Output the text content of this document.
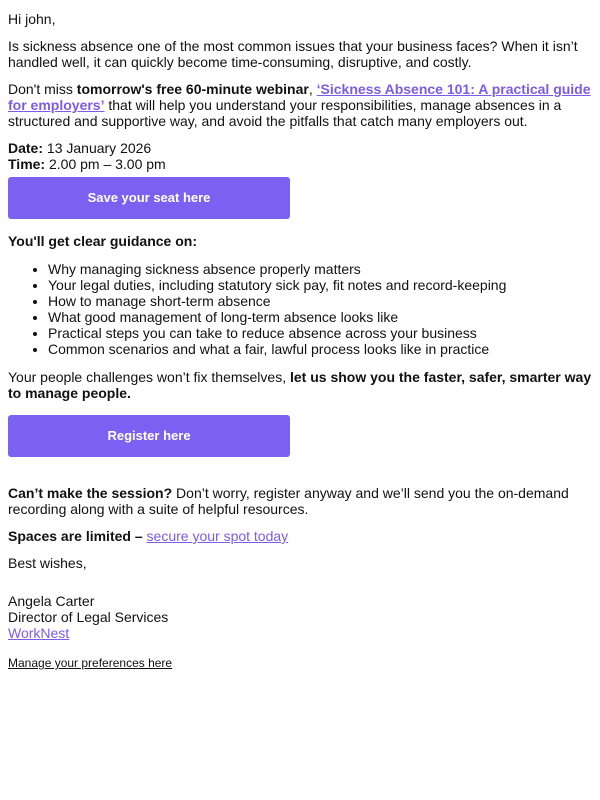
Hi john,

Is sickness absence one of the most common issues that your business faces? When it isn’t handled well, it can quickly become time-consuming, disruptive, and costly.

Don't miss tomorrow's free 60-minute webinar, ‘Sickness Absence 101: A practical guide for employers’ that will help you understand your responsibilities, manage absences in a structured and supportive way, and avoid the pitfalls that catch many employers out.

Date: 13 January 2026

Time: 2.00 pm – 3.00 pm

Save your seat here

You'll get clear guidance on:

• Why managing sickness absence properly matters
• Your legal duties, including statutory sick pay, fit notes and record-keeping
• How to manage short-term absence
• What good management of long-term absence looks like
• Practical steps you can take to reduce absence across your business
• Common scenarios and what a fair, lawful process looks like in practice

Your people challenges won’t fix themselves, let us show you the faster, safer, smarter way to manage people.

Register here

Can’t make the session? Don’t worry, register anyway and we’ll send you the on-demand recording along with a suite of helpful resources.

Spaces are limited – secure your spot today

Best wishes,

Angela Carter

Director of Legal Services

WorkNest

Manage your preferences here
